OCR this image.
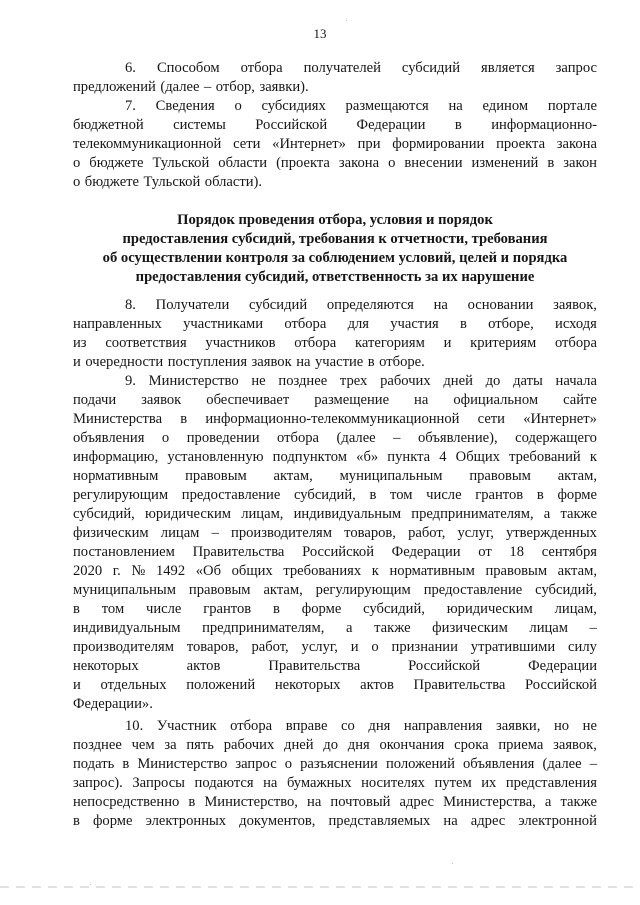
13
6. Способом отбора получателей субсидий является запрос
предложений (далее – отбор, заявки).
7. Сведения о субсидиях размещаются на едином портале
бюджетной системы Российской Федерации в информационно-
телекоммуникационной сети «Интернет» при формировании проекта закона
о бюджете Тульской области (проекта закона о внесении изменений в закон
о бюджете Тульской области).
Порядок проведения отбора, условия и порядок
предоставления субсидий, требования к отчетности, требования
об осуществлении контроля за соблюдением условий, целей и порядка
предоставления субсидий, ответственность за их нарушение
8. Получатели субсидий определяются на основании заявок,
направленных участниками отбора для участия в отборе, исходя
из соответствия участников отбора категориям и критериям отбора
и очередности поступления заявок на участие в отборе.
9. Министерство не позднее трех рабочих дней до даты начала
подачи заявок обеспечивает размещение на официальном сайте
Министерства в информационно-телекоммуникационной сети «Интернет»
объявления о проведении отбора (далее – объявление), содержащего
информацию, установленную подпунктом «б» пункта 4 Общих требований к
нормативным правовым актам, муниципальным правовым актам,
регулирующим предоставление субсидий, в том числе грантов в форме
субсидий, юридическим лицам, индивидуальным предпринимателям, а также
физическим лицам – производителям товаров, работ, услуг, утвержденных
постановлением Правительства Российской Федерации от 18 сентября
2020 г. № 1492 «Об общих требованиях к нормативным правовым актам,
муниципальным правовым актам, регулирующим предоставление субсидий,
в том числе грантов в форме субсидий, юридическим лицам,
индивидуальным предпринимателям, а также физическим лицам –
производителям товаров, работ, услуг, и о признании утратившими силу
некоторых	актов	Правительства	Российской	Федерации
и отдельных положений некоторых актов Правительства Российской
Федерации».
10. Участник отбора вправе со дня направления заявки, но не
позднее чем за пять рабочих дней до дня окончания срока приема заявок,
подать в Министерство запрос о разъяснении положений объявления (далее –
запрос). Запросы подаются на бумажных носителях путем их представления
непосредственно в Министерство, на почтовый адрес Министерства, а также
в форме электронных документов, представляемых на адрес электронной
